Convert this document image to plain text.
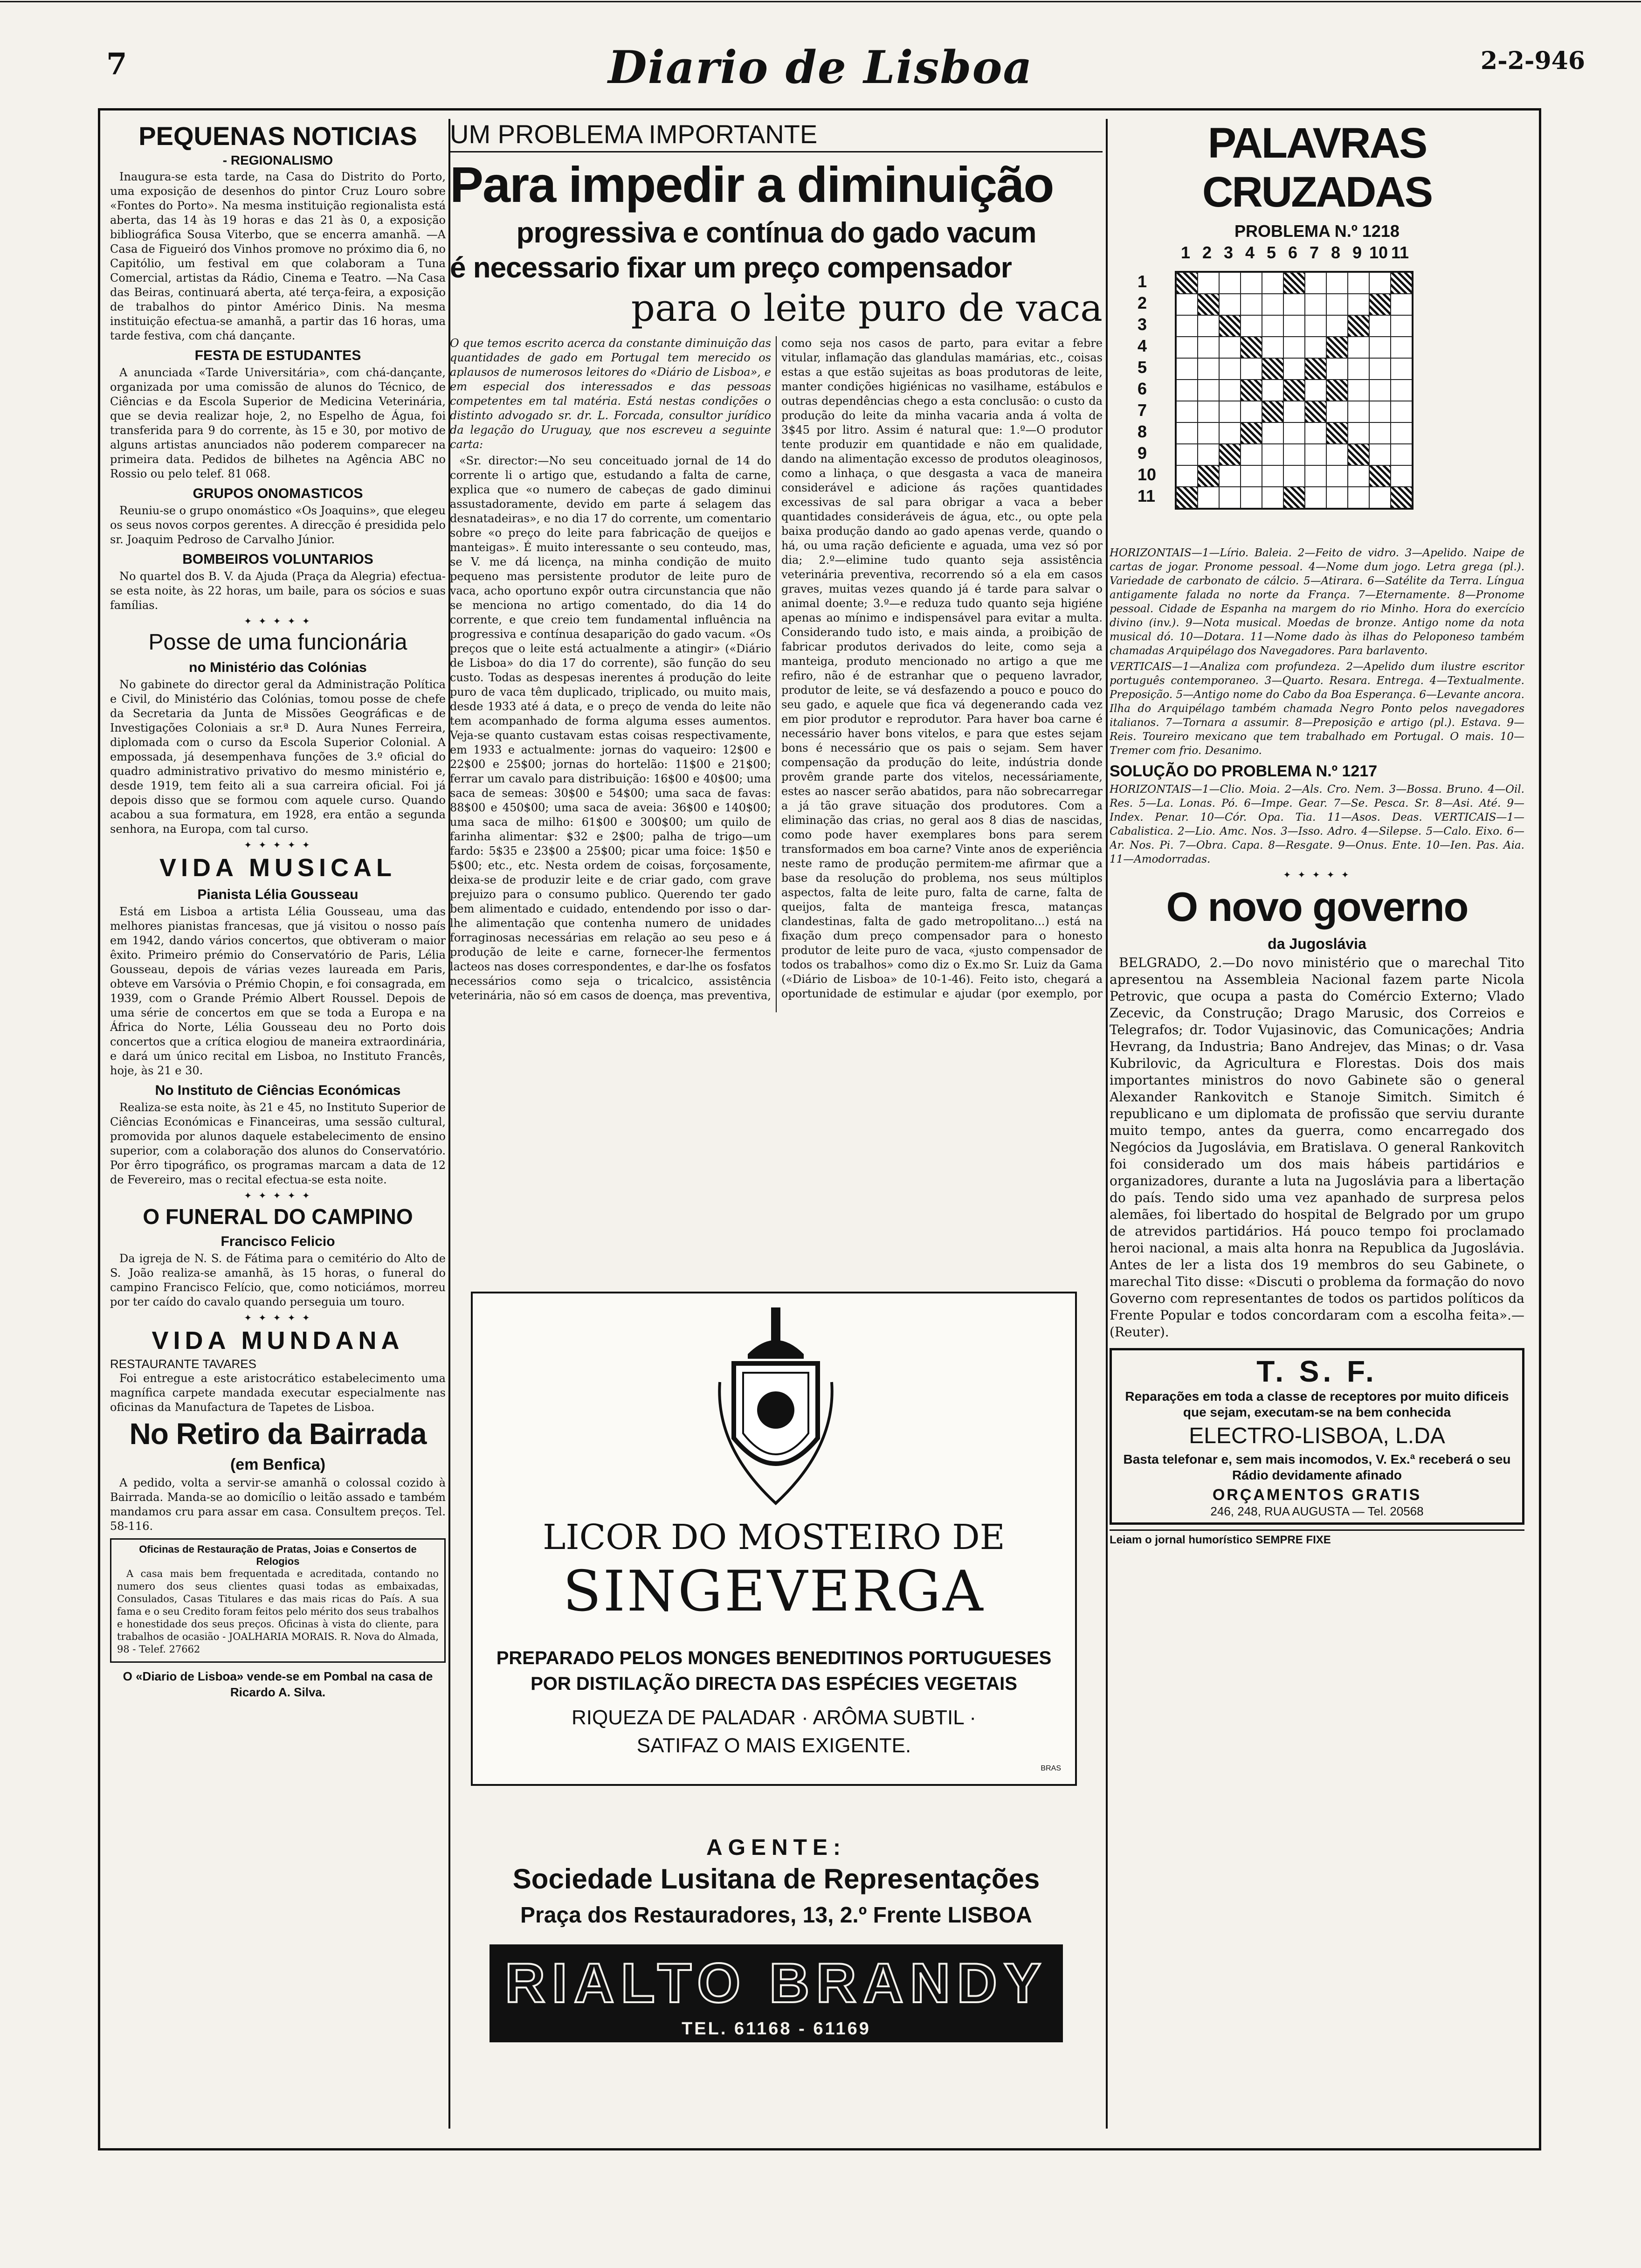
7	Diario de Lisboa	2-2-946
PEQUENAS NOTICIAS
- REGIONALISMO

Inaugura-se esta tarde, na Casa do Distrito do Porto, uma exposição de desenhos do pintor Cruz Louro sobre «Fontes do Porto». Na mesma instituição regionalista está aberta, das 14 às 19 horas e das 21 às 0, a exposição bibliográfica Sousa Viterbo, que se encerra amanhã. —A Casa de Figueiró dos Vinhos promove no próximo dia 6, no Capitólio, um festival em que colaboram a Tuna Comercial, artistas da Rádio, Cinema e Teatro. —Na Casa das Beiras, continuará aberta, até terça-feira, a exposição de trabalhos do pintor Américo Dinis. Na mesma instituição efectua-se amanhã, a partir das 16 horas, uma tarde festiva, com chá dançante.

FESTA DE ESTUDANTES

A anunciada «Tarde Universitária», com chá-dançante, organizada por uma comissão de alunos do Técnico, de Ciências e da Escola Superior de Medicina Veterinária, que se devia realizar hoje, 2, no Espelho de Água, foi transferida para 9 do corrente, às 15 e 30, por motivo de alguns artistas anunciados não poderem comparecer na primeira data. Pedidos de bilhetes na Agência ABC no Rossio ou pelo telef. 81 068.

GRUPOS ONOMASTICOS

Reuniu-se o grupo onomástico «Os Joaquins», que elegeu os seus novos corpos gerentes. A direcção é presidida pelo sr. Joaquim Pedroso de Carvalho Júnior.

BOMBEIROS VOLUNTARIOS

No quartel dos B. V. da Ajuda (Praça da Alegria) efectua-se esta noite, às 22 horas, um baile, para os sócios e suas famílias.

✦ ✦ ✦ ✦ ✦
Posse de uma funcionária
no Ministério das Colónias

No gabinete do director geral da Administração Política e Civil, do Ministério das Colónias, tomou posse de chefe da Secretaria da Junta de Missões Geográficas e de Investigações Coloniais a sr.ª D. Aura Nunes Ferreira, diplomada com o curso da Escola Superior Colonial. A empossada, já desempenhava funções de 3.º oficial do quadro administrativo privativo do mesmo ministério e, desde 1919, tem feito ali a sua carreira oficial. Foi já depois disso que se formou com aquele curso. Quando acabou a sua formatura, em 1928, era então a segunda senhora, na Europa, com tal curso.

✦ ✦ ✦ ✦ ✦
VIDA MUSICAL
Pianista Lélia Gousseau

Está em Lisboa a artista Lélia Gousseau, uma das melhores pianistas francesas, que já visitou o nosso país em 1942, dando vários concertos, que obtiveram o maior êxito. Primeiro prémio do Conservatório de Paris, Lélia Gousseau, depois de várias vezes laureada em Paris, obteve em Varsóvia o Prémio Chopin, e foi consagrada, em 1939, com o Grande Prémio Albert Roussel. Depois de uma série de concertos em que se toda a Europa e na África do Norte, Lélia Gousseau deu no Porto dois concertos que a crítica elogiou de maneira extraordinária, e dará um único recital em Lisboa, no Instituto Francês, hoje, às 21 e 30.

No Instituto de Ciências Económicas

Realiza-se esta noite, às 21 e 45, no Instituto Superior de Ciências Económicas e Financeiras, uma sessão cultural, promovida por alunos daquele estabelecimento de ensino superior, com a colaboração dos alunos do Conservatório. Por êrro tipográfico, os programas marcam a data de 12 de Fevereiro, mas o recital efectua-se esta noite.

✦ ✦ ✦ ✦ ✦
O FUNERAL DO CAMPINO
Francisco Felicio

Da igreja de N. S. de Fátima para o cemitério do Alto de S. João realiza-se amanhã, às 15 horas, o funeral do campino Francisco Felício, que, como noticiámos, morreu por ter caído do cavalo quando perseguia um touro.

✦ ✦ ✦ ✦ ✦
VIDA MUNDANA
RESTAURANTE TAVARES

Foi entregue a este aristocrático estabelecimento uma magnífica carpete mandada executar especialmente nas oficinas da Manufactura de Tapetes de Lisboa.

No Retiro da Bairrada
(em Benfica)

A pedido, volta a servir-se amanhã o colossal cozido à Bairrada. Manda-se ao domicílio o leitão assado e também mandamos cru para assar em casa. Consultem preços. Tel. 58-116.

Oficinas de Restauração de Pratas, Joias e Consertos de Relogios

A casa mais bem frequentada e acreditada, contando no numero dos seus clientes quasi todas as embaixadas, Consulados, Casas Titulares e das mais ricas do País. A sua fama e o seu Credito foram feitos pelo mérito dos seus trabalhos e honestidade dos seus preços. Oficinas à vista do cliente, para trabalhos de ocasião - JOALHARIA MORAIS. R. Nova do Almada, 98 - Telef. 27662

O «Diario de Lisboa» vende-se em Pombal na casa de Ricardo A. Silva.
UM PROBLEMA IMPORTANTE
Para impedir a diminuição
progressiva e contínua do gado vacum
é necessario fixar um preço compensador
para o leite puro de vaca

O que temos escrito acerca da constante diminuição das quantidades de gado em Portugal tem merecido os aplausos de numerosos leitores do «Diário de Lisboa», e em especial dos interessados e das pessoas competentes em tal matéria. Está nestas condições o distinto advogado sr. dr. L. Forcada, consultor jurídico da legação do Uruguay, que nos escreveu a seguinte carta:

«Sr. director:—No seu conceituado jornal de 14 do corrente li o artigo que, estudando a falta de carne, explica que «o numero de cabeças de gado diminui assustadoramente, devido em parte á selagem das desnatadeiras», e no dia 17 do corrente, um comentario sobre «o preço do leite para fabricação de queijos e manteigas». É muito interessante o seu conteudo, mas, se V. me dá licença, na minha condição de muito pequeno mas persistente produtor de leite puro de vaca, acho oportuno expôr outra circunstancia que não se menciona no artigo comentado, do dia 14 do corrente, e que creio tem fundamental influência na progressiva e contínua desaparição do gado vacum. «Os preços que o leite está actualmente a atingir» («Diário de Lisboa» do dia 17 do corrente), são função do seu custo. Todas as despesas inerentes á produção do leite puro de vaca têm duplicado, triplicado, ou muito mais, desde 1933 até á data, e o preço de venda do leite não tem acompanhado de forma alguma esses aumentos. Veja-se quanto custavam estas coisas respectivamente, em 1933 e actualmente: jornas do vaqueiro: 12$00 e 22$00 e 25$00; jornas do hortelão: 11$00 e 21$00; ferrar um cavalo para distribuição: 16$00 e 40$00; uma saca de semeas: 30$00 e 54$00; uma saca de favas: 88$00 e 450$00; uma saca de aveia: 36$00 e 140$00; uma saca de milho: 61$00 e 300$00; um quilo de farinha alimentar: $32 e 2$00; palha de trigo—um fardo: 5$35 e 23$00 a 25$00; picar uma foice: 1$50 e 5$00; etc., etc. Nesta ordem de coisas, forçosamente, deixa-se de produzir leite e de criar gado, com grave prejuizo para o consumo publico. Querendo ter gado bem alimentado e cuidado, entendendo por isso o dar-lhe alimentação que contenha numero de unidades forraginosas necessárias em relação ao seu peso e á produção de leite e carne, fornecer-lhe fermentos lacteos nas doses correspondentes, e dar-lhe os fosfatos necessários como seja o tricalcico, assistência veterinária, não só em casos de doença, mas preventiva, como seja nos casos de parto, para evitar a febre vitular, inflamação das glandulas mamárias, etc., coisas estas a que estão sujeitas as boas produtoras de leite, manter condições higiénicas no vasilhame, estábulos e outras dependências chego a esta conclusão: o custo da produção do leite da minha vacaria anda á volta de 3$45 por litro. Assim é natural que: 1.º—O produtor tente produzir em quantidade e não em qualidade, dando na alimentação excesso de produtos oleaginosos, como a linhaça, o que desgasta a vaca de maneira considerável e adicione ás rações quantidades excessivas de sal para obrigar a vaca a beber quantidades consideráveis de água, etc., ou opte pela baixa produção dando ao gado apenas verde, quando o há, ou uma ração deficiente e aguada, uma vez só por dia; 2.º—elimine tudo quanto seja assistência veterinária preventiva, recorrendo só a ela em casos graves, muitas vezes quando já é tarde para salvar o animal doente; 3.º—e reduza tudo quanto seja higiéne apenas ao mínimo e indispensável para evitar a multa. Considerando tudo isto, e mais ainda, a proibição de fabricar produtos derivados do leite, como seja a manteiga, produto mencionado no artigo a que me refiro, não é de estranhar que o pequeno lavrador, produtor de leite, se vá desfazendo a pouco e pouco do seu gado, e aquele que fica vá degenerando cada vez em pior produtor e reprodutor. Para haver boa carne é necessário haver bons vitelos, e para que estes sejam bons é necessário que os pais o sejam. Sem haver compensação da produção do leite, indústria donde provêm grande parte dos vitelos, necessáriamente, estes ao nascer serão abatidos, para não sobrecarregar a já tão grave situação dos produtores. Com a eliminação das crias, no geral aos 8 dias de nascidas, como pode haver exemplares bons para serem transformados em boa carne? Vinte anos de experiência neste ramo de produção permitem-me afirmar que a base da resolução do problema, nos seus múltiplos aspectos, falta de leite puro, falta de carne, falta de queijos, falta de manteiga fresca, matanças clandestinas, falta de gado metropolitano...) está na fixação dum preço compensador para o honesto produtor de leite puro de vaca, «justo compensador de todos os trabalhos» como diz o Ex.mo Sr. Luiz da Gama («Diário de Lisboa» de 10-1-46). Feito isto, chegará a oportunidade de estimular e ajudar (por exemplo, por

LICOR DO MOSTEIRO DE
SINGEVERGA
PREPARADO PELOS MONGES BENEDITINOS PORTUGUESES
POR DISTILAÇÃO DIRECTA DAS ESPÉCIES VEGETAIS
RIQUEZA DE PALADAR · ARÔMA SUBTIL ·
SATIFAZ O MAIS EXIGENTE.
BRAS
AGENTE:
Sociedade Lusitana de Representações
Praça dos Restauradores, 13, 2.º Frente LISBOA
RIALTO BRANDY
TEL. 61168 - 61169
PALAVRAS CRUZADAS
PROBLEMA N.º 1218
1 2 3 4 5 6 7 8 9 10 11
1
2
3
4
5
6
7
8
9
10
11

HORIZONTAIS—1—Lírio. Baleia. 2—Feito de vidro. 3—Apelido. Naipe de cartas de jogar. Pronome pessoal. 4—Nome dum jogo. Letra grega (pl.). Variedade de carbonato de cálcio. 5—Atirara. 6—Satélite da Terra. Língua antigamente falada no norte da França. 7—Eternamente. 8—Pronome pessoal. Cidade de Espanha na margem do rio Minho. Hora do exercício divino (inv.). 9—Nota musical. Moedas de bronze. Antigo nome da nota musical dó. 10—Dotara. 11—Nome dado às ilhas do Peloponeso também chamadas Arquipélago dos Navegadores. Para barlavento.

VERTICAIS—1—Analiza com profundeza. 2—Apelido dum ilustre escritor português contemporaneo. 3—Quarto. Resara. Entrega. 4—Textualmente. Preposição. 5—Antigo nome do Cabo da Boa Esperança. 6—Levante ancora. Ilha do Arquipélago também chamada Negro Ponto pelos navegadores italianos. 7—Tornara a assumir. 8—Preposição e artigo (pl.). Estava. 9—Reis. Toureiro mexicano que tem trabalhado em Portugal. O mais. 10—Tremer com frio. Desanimo.

SOLUÇÃO DO PROBLEMA N.º 1217

HORIZONTAIS—1—Clio. Moia. 2—Als. Cro. Nem. 3—Bossa. Bruno. 4—Oil. Res. 5—La. Lonas. Pó. 6—Impe. Gear. 7—Se. Pesca. Sr. 8—Asi. Até. 9—Index. Penar. 10—Cór. Opa. Tia. 11—Asos. Deas. VERTICAIS—1—Cabalistica. 2—Lio. Amc. Nos. 3—Isso. Adro. 4—Silepse. 5—Calo. Eixo. 6—Ar. Nos. Pi. 7—Obra. Capa. 8—Resgate. 9—Onus. Ente. 10—Ien. Pas. Aia. 11—Amodorradas.

✦ ✦ ✦ ✦ ✦
O novo governo
da Jugoslávia

BELGRADO, 2.—Do novo ministério que o marechal Tito apresentou na Assembleia Nacional fazem parte Nicola Petrovic, que ocupa a pasta do Comércio Externo; Vlado Zecevic, da Construção; Drago Marusic, dos Correios e Telegrafos; dr. Todor Vujasinovic, das Comunicações; Andria Hevrang, da Industria; Bano Andrejev, das Minas; o dr. Vasa Kubrilovic, da Agricultura e Florestas. Dois dos mais importantes ministros do novo Gabinete são o general Alexander Rankovitch e Stanoje Simitch. Simitch é republicano e um diplomata de profissão que serviu durante muito tempo, antes da guerra, como encarregado dos Negócios da Jugoslávia, em Bratislava. O general Rankovitch foi considerado um dos mais hábeis partidários e organizadores, durante a luta na Jugoslávia para a libertação do país. Tendo sido uma vez apanhado de surpresa pelos alemães, foi libertado do hospital de Belgrado por um grupo de atrevidos partidários. Há pouco tempo foi proclamado heroi nacional, a mais alta honra na Republica da Jugoslávia. Antes de ler a lista dos 19 membros do seu Gabinete, o marechal Tito disse: «Discuti o problema da formação do novo Governo com representantes de todos os partidos políticos da Frente Popular e todos concordaram com a escolha feita».—(Reuter).

T. S. F.
Reparações em toda a classe de receptores por muito dificeis que sejam, executam-se na bem conhecida
ELECTRO-LISBOA, L.DA
Basta telefonar e, sem mais incomodos, V. Ex.ª receberá o seu Rádio devidamente afinado
ORÇAMENTOS GRATIS
246, 248, RUA AUGUSTA — Tel. 20568
Leiam o jornal humorístico SEMPRE FIXE
